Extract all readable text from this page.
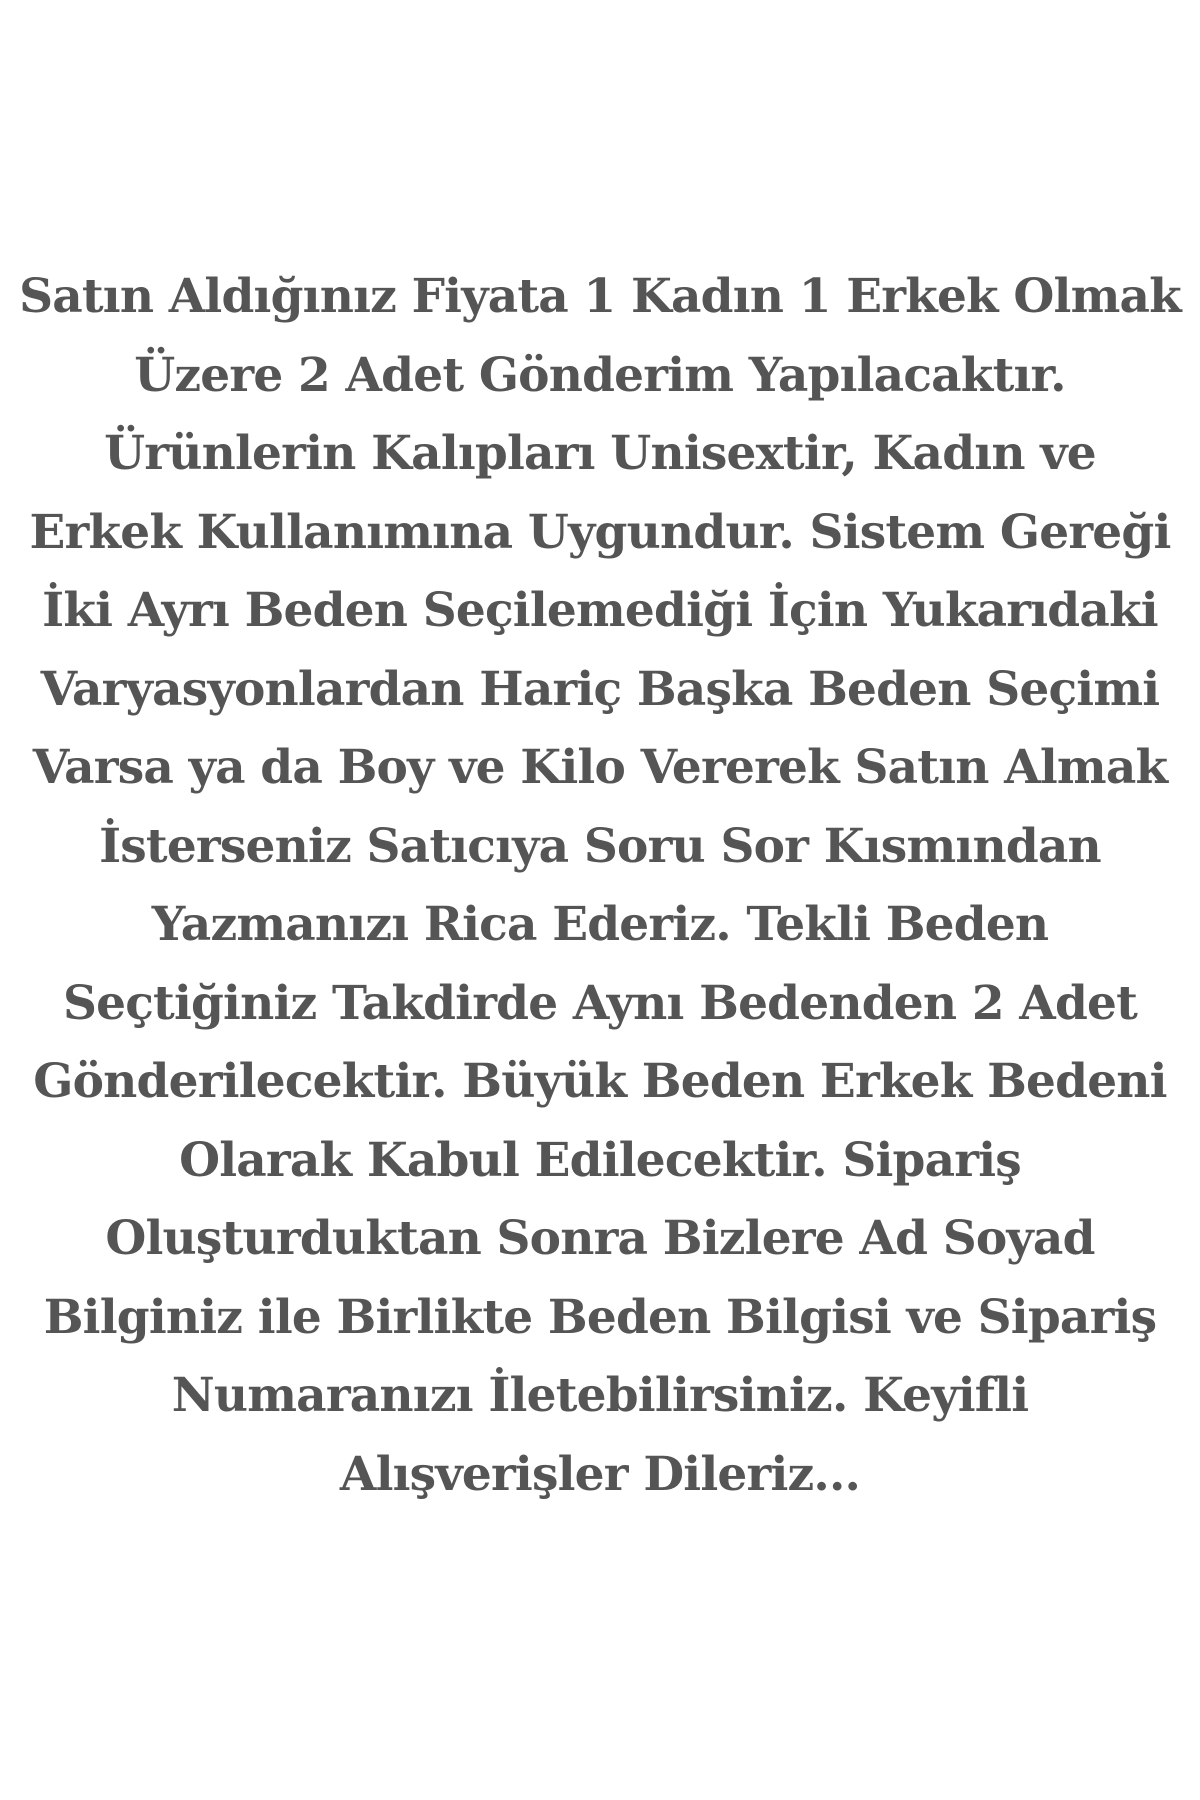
Satın Aldığınız Fiyata 1 Kadın 1 Erkek Olmak
Üzere 2 Adet Gönderim Yapılacaktır.
Ürünlerin Kalıpları Unisextir, Kadın ve
Erkek Kullanımına Uygundur. Sistem Gereği
İki Ayrı Beden Seçilemediği İçin Yukarıdaki
Varyasyonlardan Hariç Başka Beden Seçimi
Varsa ya da Boy ve Kilo Vererek Satın Almak
İsterseniz Satıcıya Soru Sor Kısmından
Yazmanızı Rica Ederiz. Tekli Beden
Seçtiğiniz Takdirde Aynı Bedenden 2 Adet
Gönderilecektir. Büyük Beden Erkek Bedeni
Olarak Kabul Edilecektir. Sipariş
Oluşturduktan Sonra Bizlere Ad Soyad
Bilginiz ile Birlikte Beden Bilgisi ve Sipariş
Numaranızı İletebilirsiniz. Keyifli
Alışverişler Dileriz...
